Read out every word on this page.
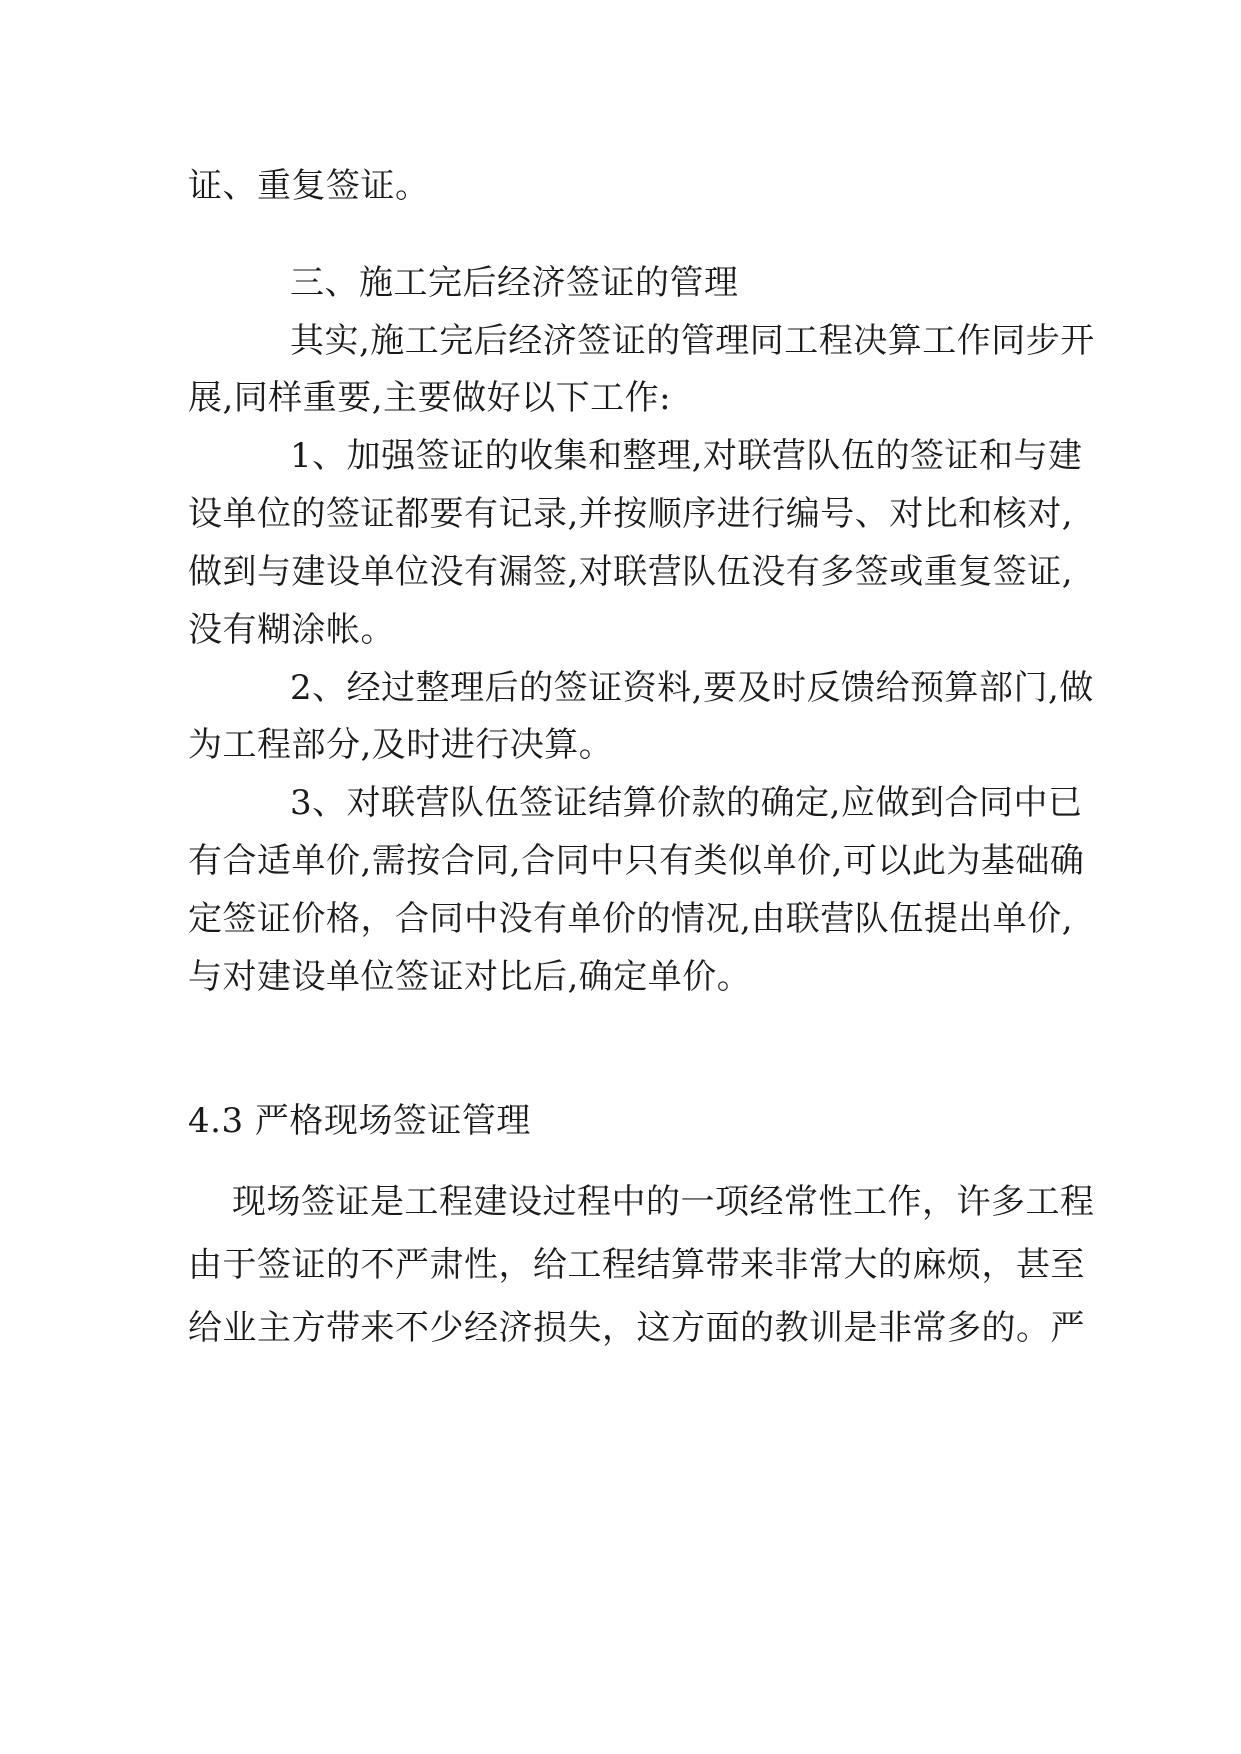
证、重复签证。
三、施工完后经济签证的管理
其实,施工完后经济签证的管理同工程决算工作同步开
展,同样重要,主要做好以下工作:
1、加强签证的收集和整理,对联营队伍的签证和与建
设单位的签证都要有记录,并按顺序进行编号、对比和核对,
做到与建设单位没有漏签,对联营队伍没有多签或重复签证,
没有糊涂帐。
2、经过整理后的签证资料,要及时反馈给预算部门,做
为工程部分,及时进行决算。
3、对联营队伍签证结算价款的确定,应做到合同中已
有合适单价,需按合同,合同中只有类似单价,可以此为基础确
定签证价格，合同中没有单价的情况,由联营队伍提出单价,
与对建设单位签证对比后,确定单价。
4.3 严格现场签证管理
现场签证是工程建设过程中的一项经常性工作，许多工程
由于签证的不严肃性，给工程结算带来非常大的麻烦，甚至
给业主方带来不少经济损失，这方面的教训是非常多的。严
